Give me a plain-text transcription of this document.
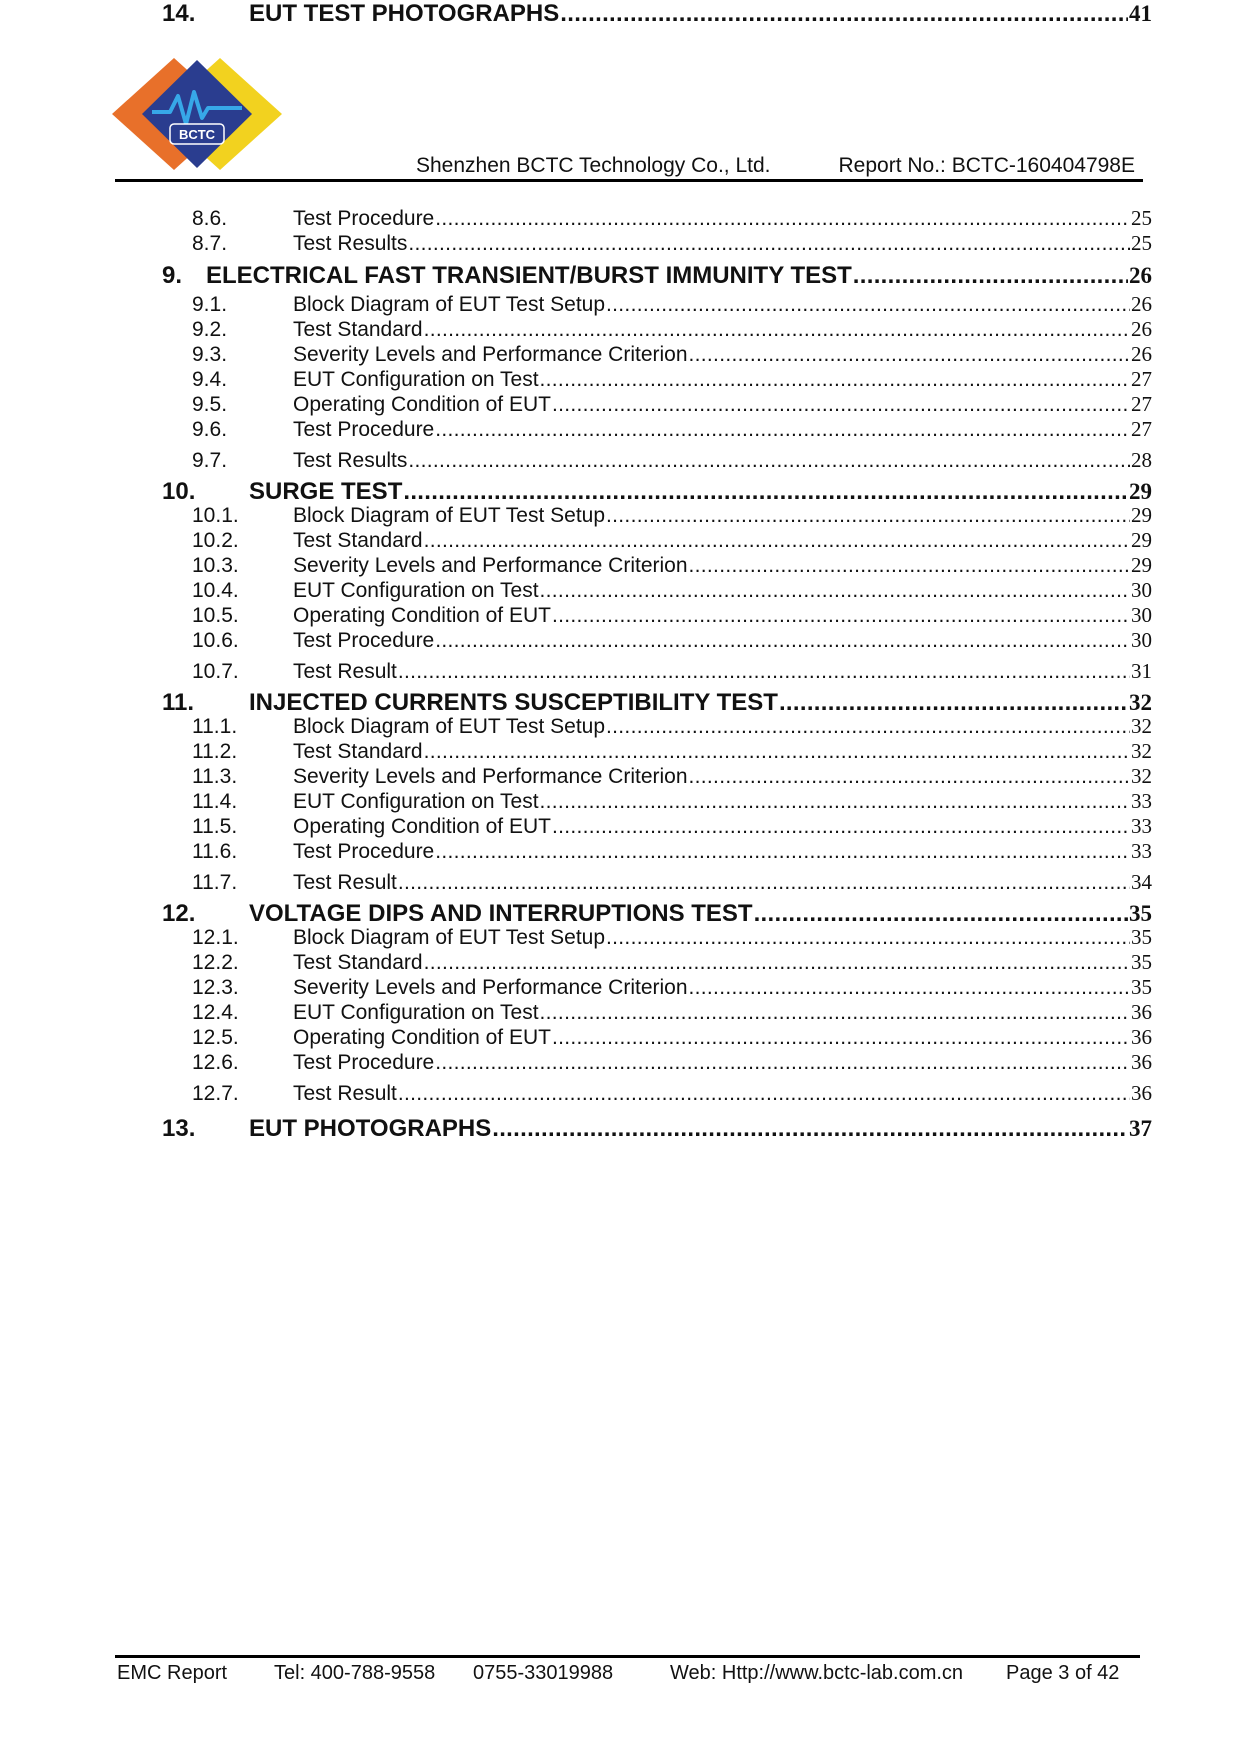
BCTC
Shenzhen BCTC Technology Co., Ltd.	Report No.: BCTC-160404798E
8.6.	Test Procedure .....	25
8.7.	Test Results .....	25
9. ELECTRICAL FAST TRANSIENT/BURST IMMUNITY TEST .....	26
9.1.	Block Diagram of EUT Test Setup .....	26
9.2.	Test Standard .....	26
9.3.	Severity Levels and Performance Criterion .....	26
9.4.	EUT Configuration on Test .....	27
9.5.	Operating Condition of EUT .....	27
9.6.	Test Procedure .....	27
9.7.	Test Results .....	28
10.	SURGE TEST .....	29
10.1.	Block Diagram of EUT Test Setup .....	29
10.2.	Test Standard .....	29
10.3.	Severity Levels and Performance Criterion .....	29
10.4.	EUT Configuration on Test .....	30
10.5.	Operating Condition of EUT .....	30
10.6.	Test Procedure .....	30
10.7.	Test Result .....	31
11.	INJECTED CURRENTS SUSCEPTIBILITY TEST .....	32
11.1.	Block Diagram of EUT Test Setup .....	32
11.2.	Test Standard .....	32
11.3.	Severity Levels and Performance Criterion .....	32
11.4.	EUT Configuration on Test .....	33
11.5.	Operating Condition of EUT .....	33
11.6.	Test Procedure .....	33
11.7.	Test Result .....	34
12.	VOLTAGE DIPS AND INTERRUPTIONS TEST .....	35
12.1.	Block Diagram of EUT Test Setup .....	35
12.2.	Test Standard .....	35
12.3.	Severity Levels and Performance Criterion .....	35
12.4.	EUT Configuration on Test .....	36
12.5.	Operating Condition of EUT .....	36
12.6.	Test Procedure .....	36
12.7.	Test Result .....	36
13.	EUT PHOTOGRAPHS .....	37
14.	EUT TEST PHOTOGRAPHS .....	41
EMC Report Tel: 400-788-9558 0755-33019988	Web: Http://www.bctc-lab.com.cn Page 3 of 42
